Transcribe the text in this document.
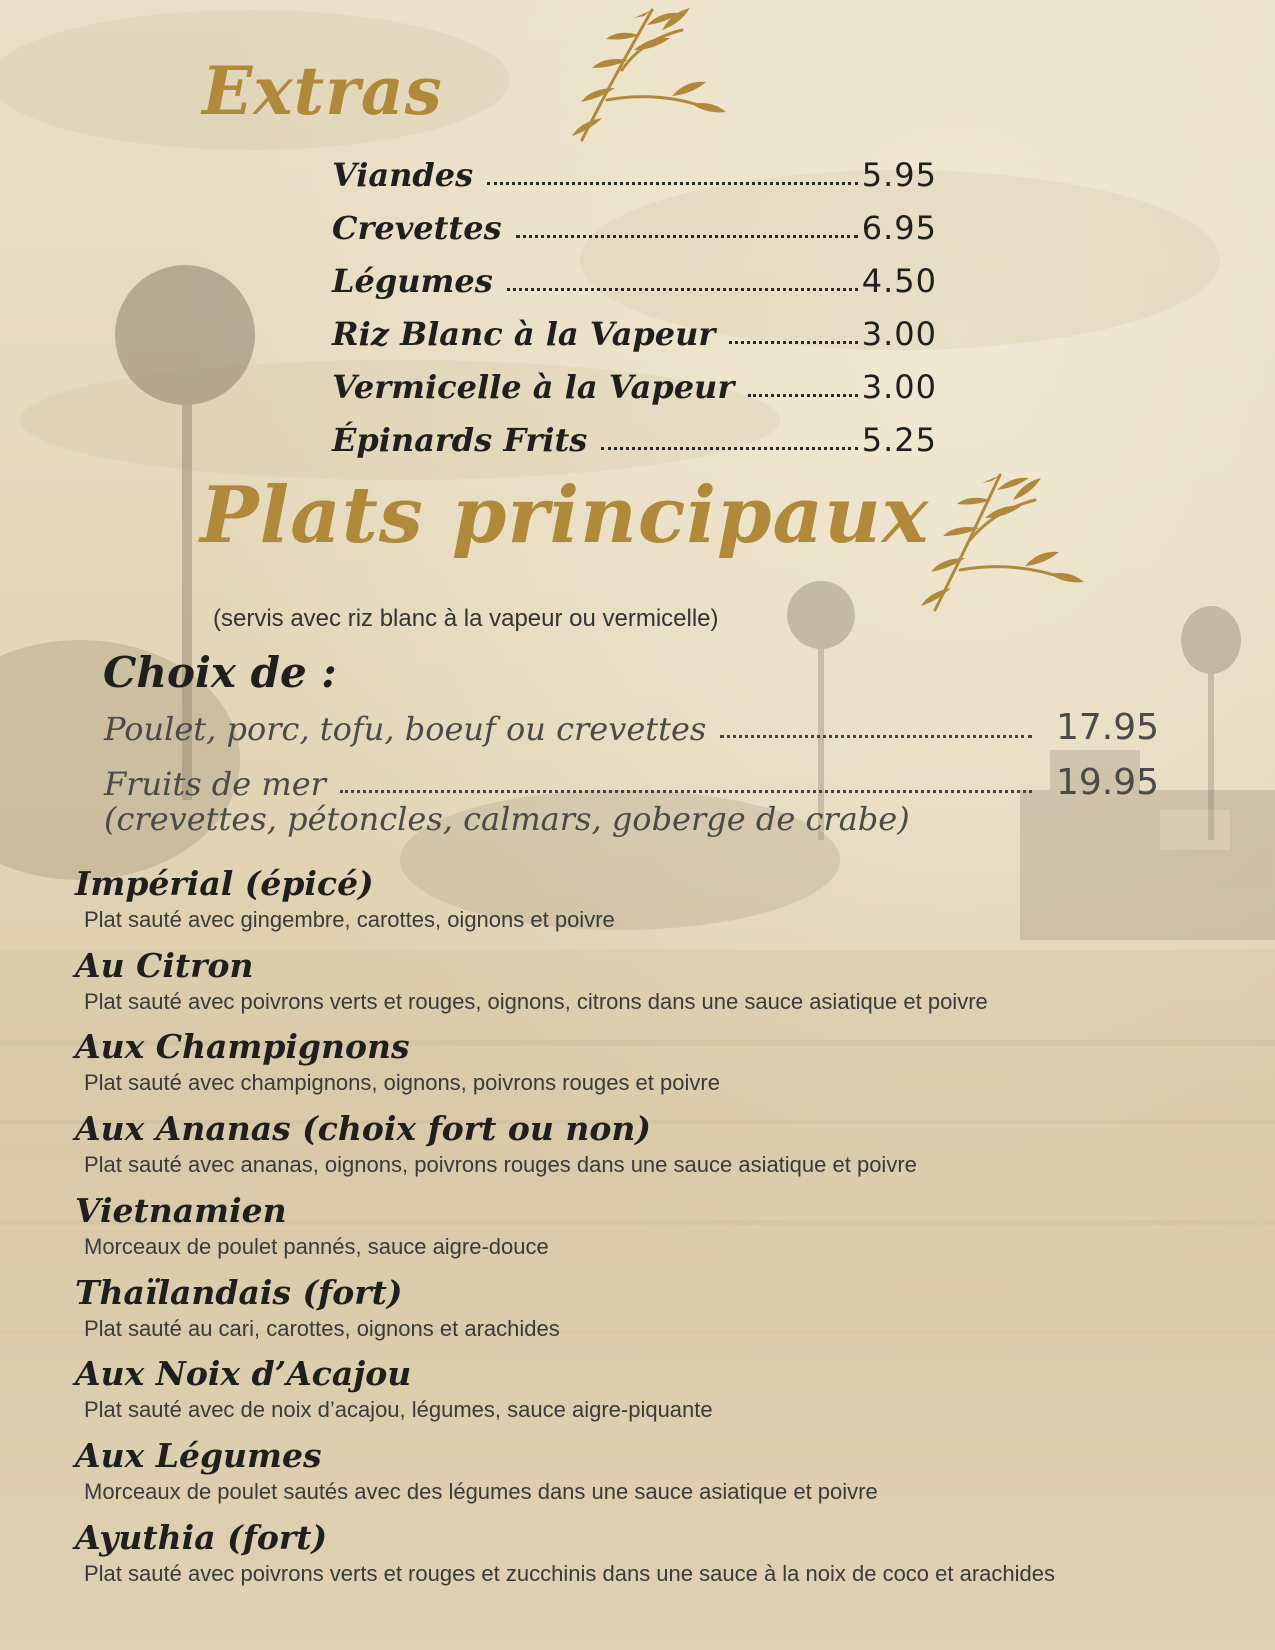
Extras
Viandes	5.95
Crevettes	6.95
Légumes	4.50
Riz Blanc à la Vapeur	3.00
Vermicelle à la Vapeur	3.00
Épinards Frits	5.25
Plats principaux
(servis avec riz blanc à la vapeur ou vermicelle)
Choix de :
Poulet, porc, tofu, boeuf ou crevettes	17.95
Fruits de mer	19.95
(crevettes, pétoncles, calmars, goberge de crabe)
Impérial (épicé)
Plat sauté avec gingembre, carottes, oignons et poivre
Au Citron
Plat sauté avec poivrons verts et rouges, oignons, citrons dans une sauce asiatique et poivre
Aux Champignons
Plat sauté avec champignons, oignons, poivrons rouges et poivre
Aux Ananas (choix fort ou non)
Plat sauté avec ananas, oignons, poivrons rouges dans une sauce asiatique et poivre
Vietnamien
Morceaux de poulet pannés, sauce aigre-douce
Thaïlandais (fort)
Plat sauté au cari, carottes, oignons et arachides
Aux Noix d’Acajou
Plat sauté avec de noix d’acajou, légumes, sauce aigre-piquante
Aux Légumes
Morceaux de poulet sautés avec des légumes dans une sauce asiatique et poivre
Ayuthia (fort)
Plat sauté avec poivrons verts et rouges et zucchinis dans une sauce à la noix de coco et arachides
